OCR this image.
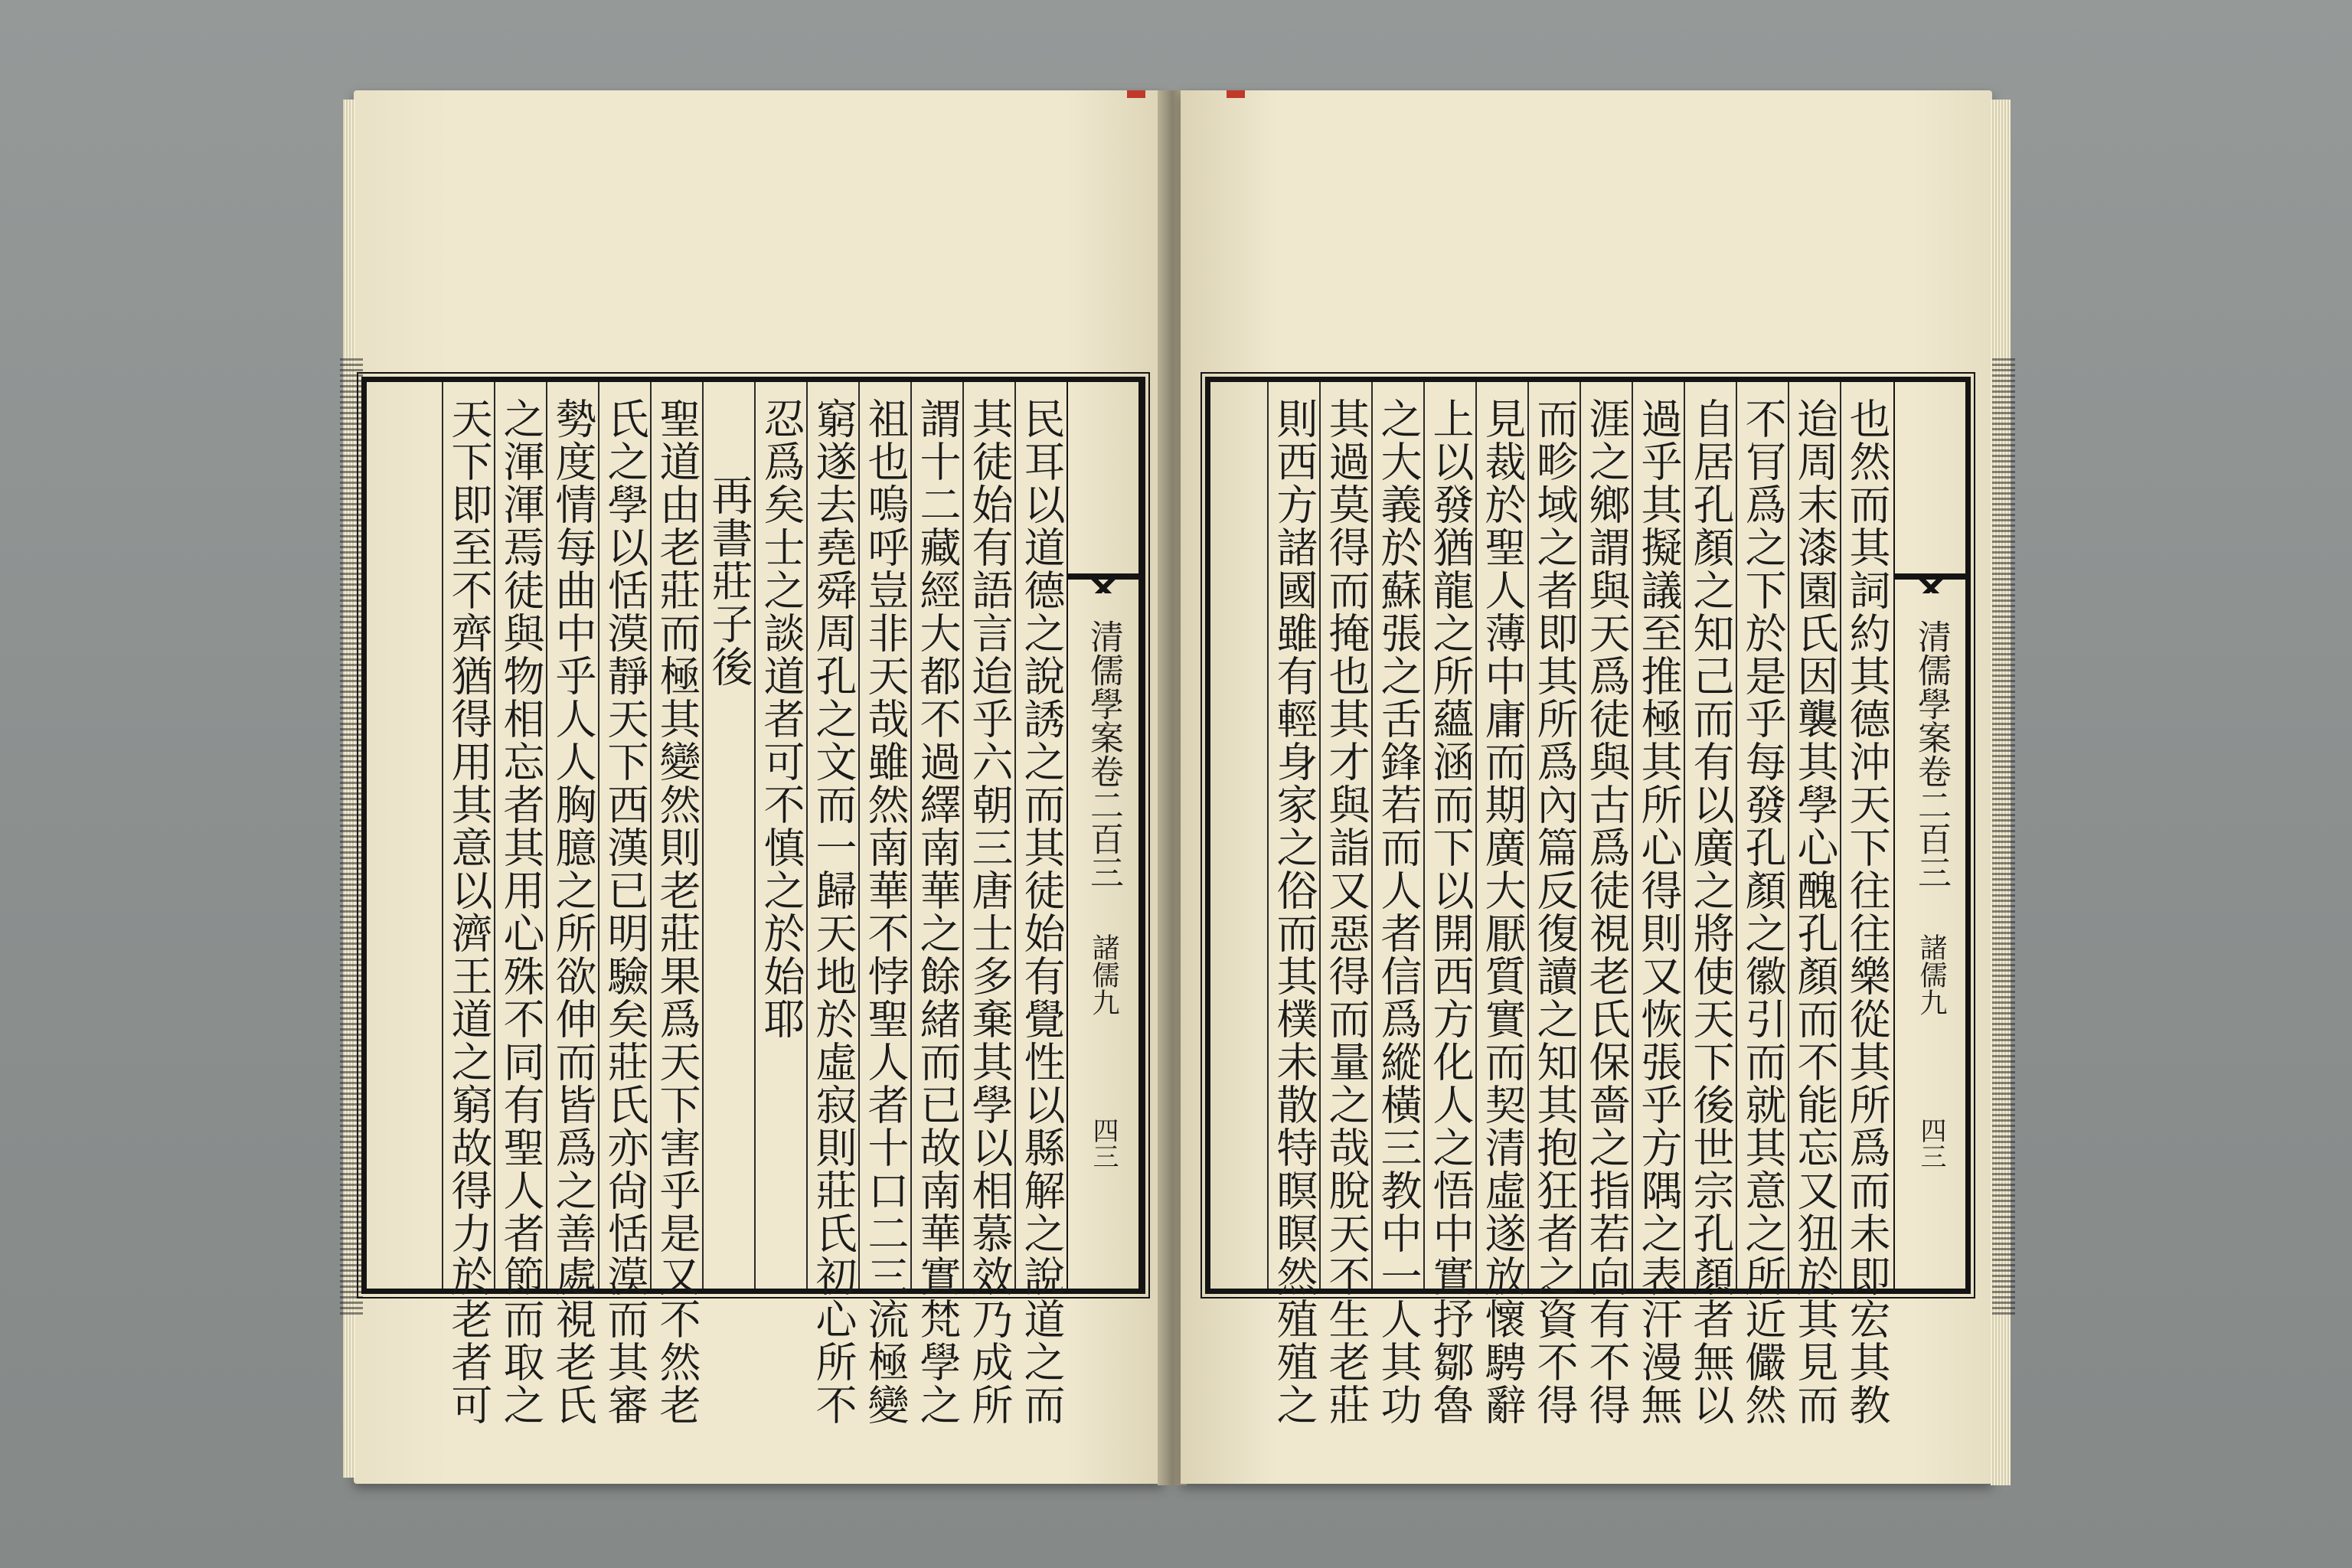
清儒學案卷二百三
諸儒九
四三
民耳以道德之說誘之而其徒始有覺性以縣解之說道之而
其徒始有語言迨乎六朝三唐士多棄其學以相慕效乃成所
謂十二藏經大都不過繹南華之餘緒而已故南華實梵學之
祖也嗚呼豈非天哉雖然南華不悖聖人者十口二三流極變
窮遂去堯舜周孔之文而一歸天地於虛寂則莊氏初心所不
忍爲矣士之談道者可不慎之於始耶
再書莊子後
聖道由老莊而極其變然則老莊果爲天下害乎是又不然老
氏之學以恬漠靜天下西漢已明驗矣莊氏亦尙恬漠而其審
勢度情每曲中乎人人胸臆之所欲伸而皆爲之善處視老氏
之渾渾焉徒與物相忘者其用心殊不同有聖人者節而取之
天下即至不齊猶得用其意以濟王道之窮故得力於老者可	清儒學案卷二百三
諸儒九
四三
也然而其詞約其德沖天下往往樂從其所爲而未即宏其教
迨周末漆園氏因襲其學心醜孔顏而不能忘又狃於其見而
不肎爲之下於是乎每發孔顏之徽引而就其意之所近儼然
自居孔顏之知己而有以廣之將使天下後世宗孔顏者無以
過乎其擬議至推極其所心得則又恢張乎方隅之表汗漫無
涯之鄉謂與天爲徒與古爲徒視老氏保嗇之指若向有不得
而畛域之者即其所爲內篇反復讀之知其抱狂者之資不得
見裁於聖人薄中庸而期廣大厭質實而契清虛遂放懷騁辭
上以發猶龍之所蘊涵而下以開西方化人之悟中實抒鄒魯
之大義於蘇張之舌鋒若而人者信爲縱橫三教中一人其功
其過莫得而掩也其才與詣又惡得而量之哉脫天不生老莊
則西方諸國雖有輕身家之俗而其樸未散特瞑瞑然殖殖之
